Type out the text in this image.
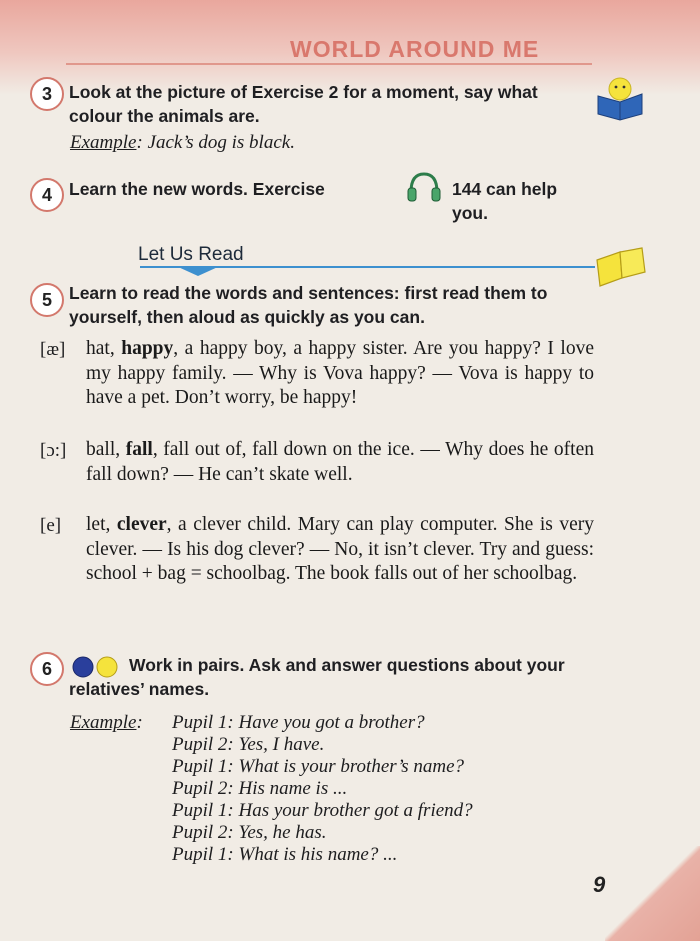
WORLD AROUND ME
3 Look at the picture of Exercise 2 for a moment, say what colour the animals are.
Example: Jack’s dog is black.
4 Learn the new words. Exercise	144 can help you.
Let Us Read
5 Learn to read the words and sentences: first read them to yourself, then aloud as quickly as you can.
[æ] hat, happy, a happy boy, a happy sister. Are you happy? I love my happy family. — Why is Vova happy? — Vova is happy to have a pet. Don’t worry, be happy!
[ɔ:] ball, fall, fall out of, fall down on the ice. — Why does he often fall down? — He can’t skate well.
[e] let, clever, a clever child. Mary can play computer. She is very clever. — Is his dog clever? — No, it isn’t clever. Try and guess: school + bag = schoolbag. The book falls out of her schoolbag.
6	Work in pairs. Ask and answer questions about your relatives’ names.
Example: Pupil 1: Have you got a brother?
Pupil 2: Yes, I have.
Pupil 1: What is your brother’s name?
Pupil 2: His name is ...
Pupil 1: Has your brother got a friend?
Pupil 2: Yes, he has.
Pupil 1: What is his name? ...
9
